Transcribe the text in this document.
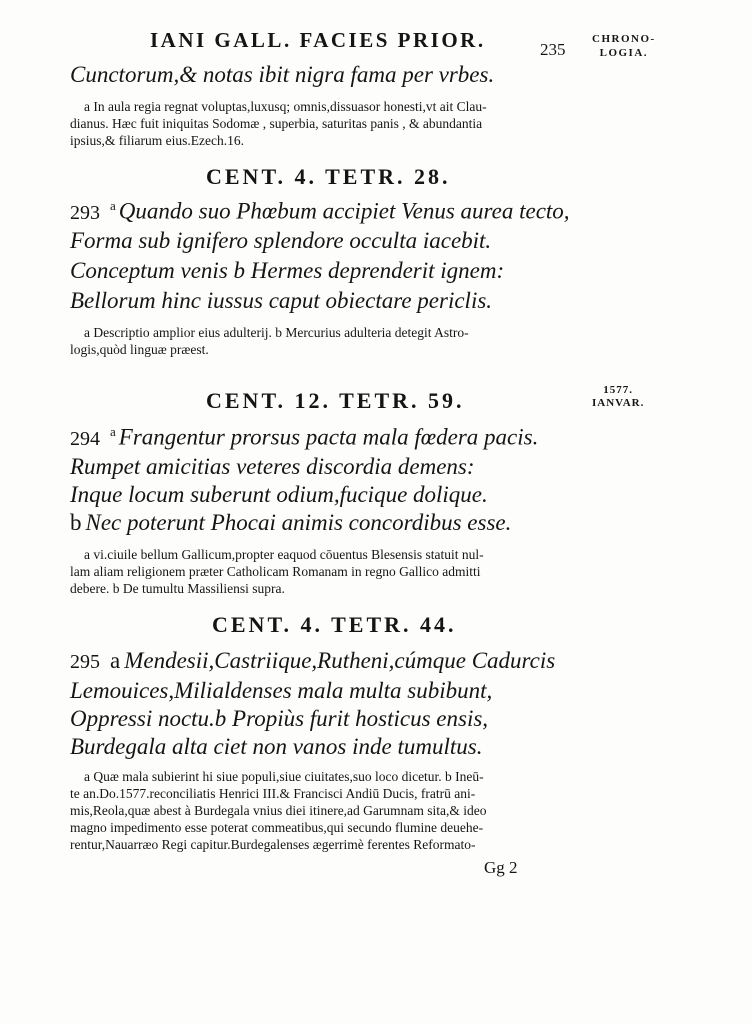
IANI GALL. FACIES PRIOR.	235
CHRONO-
LOGIA.
Cunctorum,& notas ibit nigra fama per vrbes.
a In aula regia regnat voluptas,luxusq; omnis,dissuasor honesti,vt ait Clau-
dianus. Hæc fuit iniquitas Sodomæ , superbia, saturitas panis , & abundantia
ipsius,& filiarum eius.Ezech.16.
CENT. 4. TETR. 28.
293 $^a$ Quando suo Phœbum accipiet Venus aurea tecto,
Forma sub ignifero splendore occulta iacebit.
Conceptum venis b Hermes deprenderit ignem:
Bellorum hinc iussus caput obiectare periclis.
a Descriptio amplior eius adulterij. b Mercurius adulteria detegit Astro-
logis,quòd linguæ præest.
CENT. 12. TETR. 59.	1577.
IANVAR.
294 $^a$ Frangentur prorsus pacta mala fœdera pacis.
Rumpet amicitias veteres discordia demens:
Inque locum suberunt odium,fucique dolique.
b Nec poterunt Phocai animis concordibus esse.
a vi.ciuile bellum Gallicum,propter eaquod cōuentus Blesensis statuit nul-
lam aliam religionem præter Catholicam Romanam in regno Gallico admitti
debere. b De tumultu Massiliensi supra.
CENT. 4. TETR. 44.
295 a Mendesii,Castriique,Rutheni,cúmque Cadurcis
Lemouices,Milialdenses mala multa subibunt,
Oppressi noctu.b Propiùs furit hosticus ensis,
Burdegala alta ciet non vanos inde tumultus.
a Quæ mala subierint hi siue populi,siue ciuitates,suo loco dicetur. b Ineū-
te an.Do.1577.reconciliatis Henrici III.& Francisci Andiū Ducis, fratrū ani-
mis,Reola,quæ abest à Burdegala vnius diei itinere,ad Garumnam sita,& ideo
magno impedimento esse poterat commeatibus,qui secundo flumine deuehe-
rentur,Nauarræo Regi capitur.Burdegalenses ægerrimè ferentes Reformato-
Gg 2
